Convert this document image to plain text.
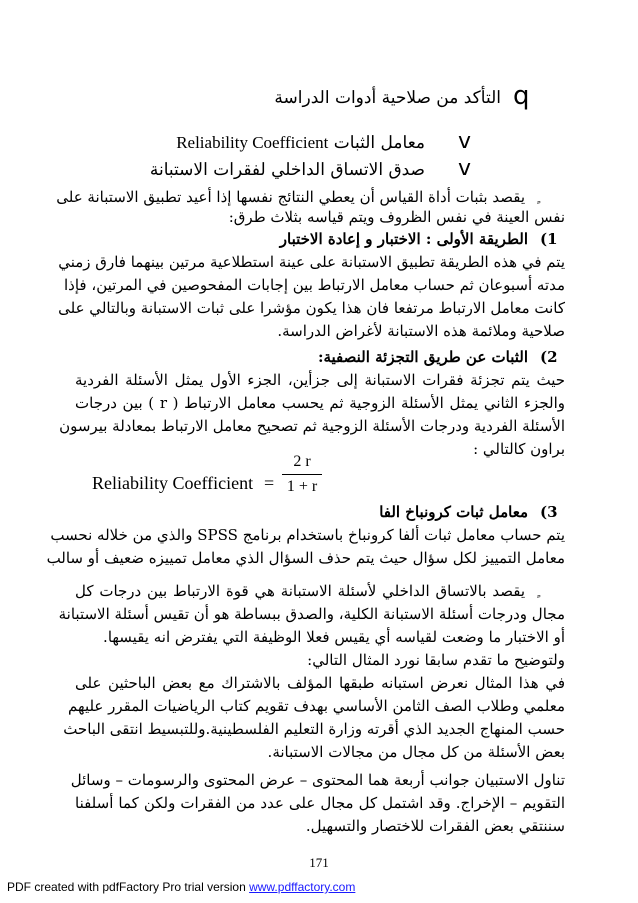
q
التأكد من صلاحية أدوات الدراسة
v
معامل الثبات Reliability Coefficient
v
صدق الاتساق الداخلي لفقرات الاستبانة
يقصد بثبات أداة القياس أن يعطي النتائج نفسها إذا أعيد تطبيق الاستبانة على
نفس العينة في نفس الظروف ويتم قياسه بثلاث طرق:
(1
الطريقة الأولى : الاختبار و إعادة الاختبار
يتم في هذه الطريقة تطبيق الاستبانة على عينة استطلاعية مرتين بينهما فارق زمني
مدته أسبوعان ثم حساب معامل الارتباط بين إجابات المفحوصين في المرتين، فإذا
كانت معامل الارتباط مرتفعا فان هذا يكون مؤشرا على ثبات الاستبانة وبالتالي على
صلاحية وملائمة هذه الاستبانة لأغراض الدراسة.
(2
الثبات عن طريق التجزئة النصفية:
حيث يتم تجزئة فقرات الاستبانة إلى جزأين، الجزء الأول يمثل الأسئلة الفردية
والجزء الثاني يمثل الأسئلة الزوجية ثم يحسب معامل الارتباط ( r ) بين درجات
الأسئلة الفردية ودرجات الأسئلة الزوجية ثم تصحيح معامل الارتباط بمعادلة بيرسون
براون كالتالي :
Reliability Coefficient =
2 r
1 + r
(3
معامل ثبات كرونباخ الفا
يتم حساب معامل ثبات ألفا كرونباخ باستخدام برنامج SPSS والذي من خلاله نحسب
معامل التمييز لكل سؤال حيث يتم حذف السؤال الذي معامل تمييزه ضعيف أو سالب
يقصد بالاتساق الداخلي لأسئلة الاستبانة هي قوة الارتباط بين درجات كل
مجال ودرجات أسئلة الاستبانة الكلية، والصدق ببساطة هو أن تقيس أسئلة الاستبانة
أو الاختبار ما وضعت لقياسه أي يقيس فعلا الوظيفة التي يفترض انه يقيسها.
ولتوضيح ما تقدم سابقا نورد المثال التالي:
في هذا المثال نعرض استبانه طبقها المؤلف بالاشتراك مع بعض الباحثين على
معلمي وطلاب الصف الثامن الأساسي بهدف تقويم كتاب الرياضيات المقرر عليهم
حسب المنهاج الجديد الذي أقرته وزارة التعليم الفلسطينية.وللتبسيط انتقى الباحث
بعض الأسئلة من كل مجال من مجالات الاستبانة.
تناول الاستبيان جوانب أربعة هما المحتوى – عرض المحتوى والرسومات – وسائل
التقويم – الإخراج. وقد اشتمل كل مجال على عدد من الفقرات ولكن كما أسلفنا
سننتقي بعض الفقرات للاختصار والتسهيل.
171
PDF created with pdfFactory Pro trial version www.pdffactory.com
